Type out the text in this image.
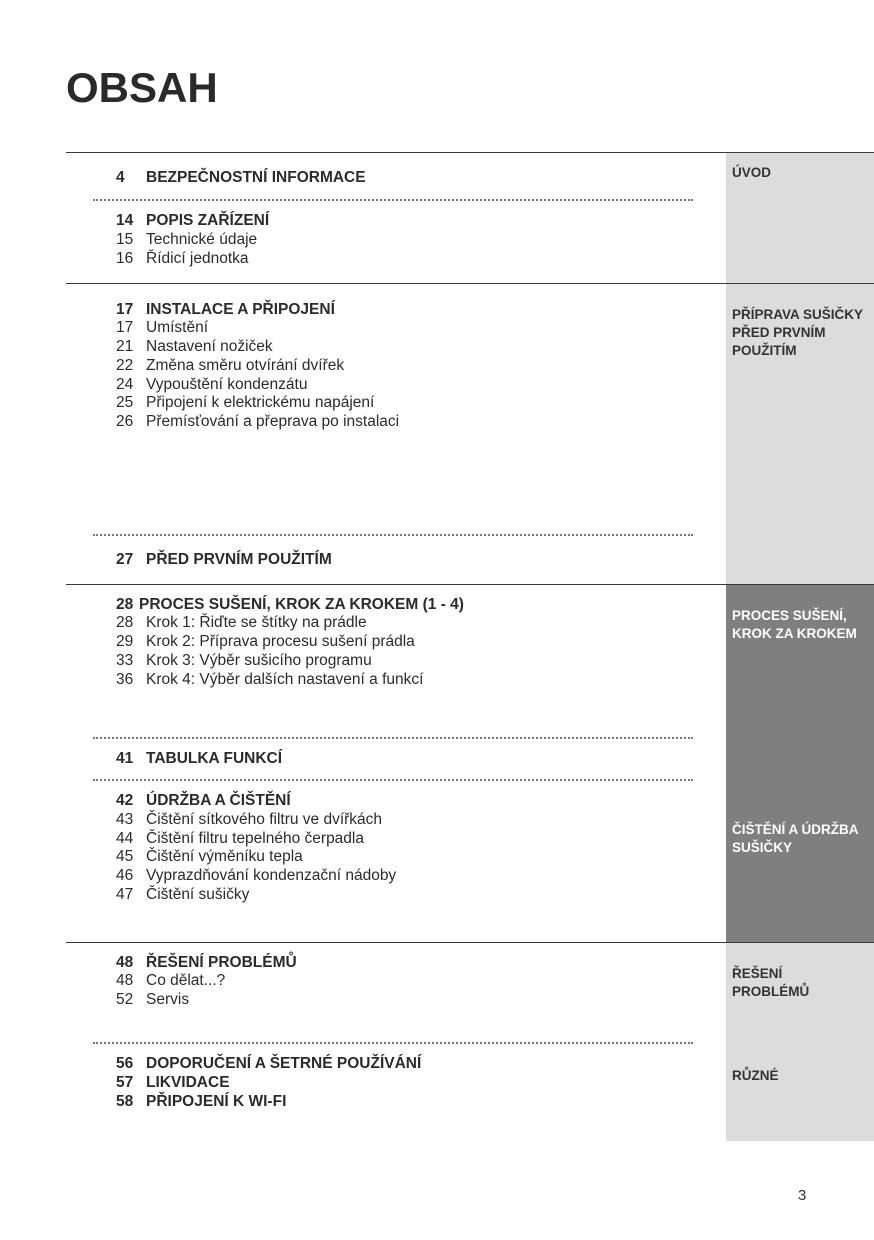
OBSAH
ÚVOD
PŘÍPRAVA SUŠIČKY
PŘED PRVNÍM
POUŽITÍM
PROCES SUŠENÍ,
KROK ZA KROKEM
ČIŠTĚNÍ A ÚDRŽBA
SUŠIČKY
ŘEŠENÍ
PROBLÉMŮ
RŮZNÉ
4 BEZPEČNOSTNÍ INFORMACE
14 POPIS ZAŘÍZENÍ
15 Technické údaje
16 Řídicí jednotka
17 INSTALACE A PŘIPOJENÍ
17 Umístění
21 Nastavení nožiček
22 Změna směru otvírání dvířek
24 Vypouštění kondenzátu
25 Připojení k elektrickému napájení
26 Přemísťování a přeprava po instalaci
27 PŘED PRVNÍM POUŽITÍM
28 PROCES SUŠENÍ, KROK ZA KROKEM (1 - 4)
28 Krok 1: Řiďte se štítky na prádle
29 Krok 2: Příprava procesu sušení prádla
33 Krok 3: Výběr sušicího programu
36 Krok 4: Výběr dalších nastavení a funkcí
41 TABULKA FUNKCÍ
42 ÚDRŽBA A ČIŠTĚNÍ
43 Čištění sítkového filtru ve dvířkách
44 Čištění filtru tepelného čerpadla
45 Čištění výměníku tepla
46 Vyprazdňování kondenzační nádoby
47 Čištění sušičky
48 ŘEŠENÍ PROBLÉMŮ
48 Co dělat...?
52 Servis
56 DOPORUČENÍ A ŠETRNÉ POUŽÍVÁNÍ
57 LIKVIDACE
58 PŘIPOJENÍ K WI-FI
3
